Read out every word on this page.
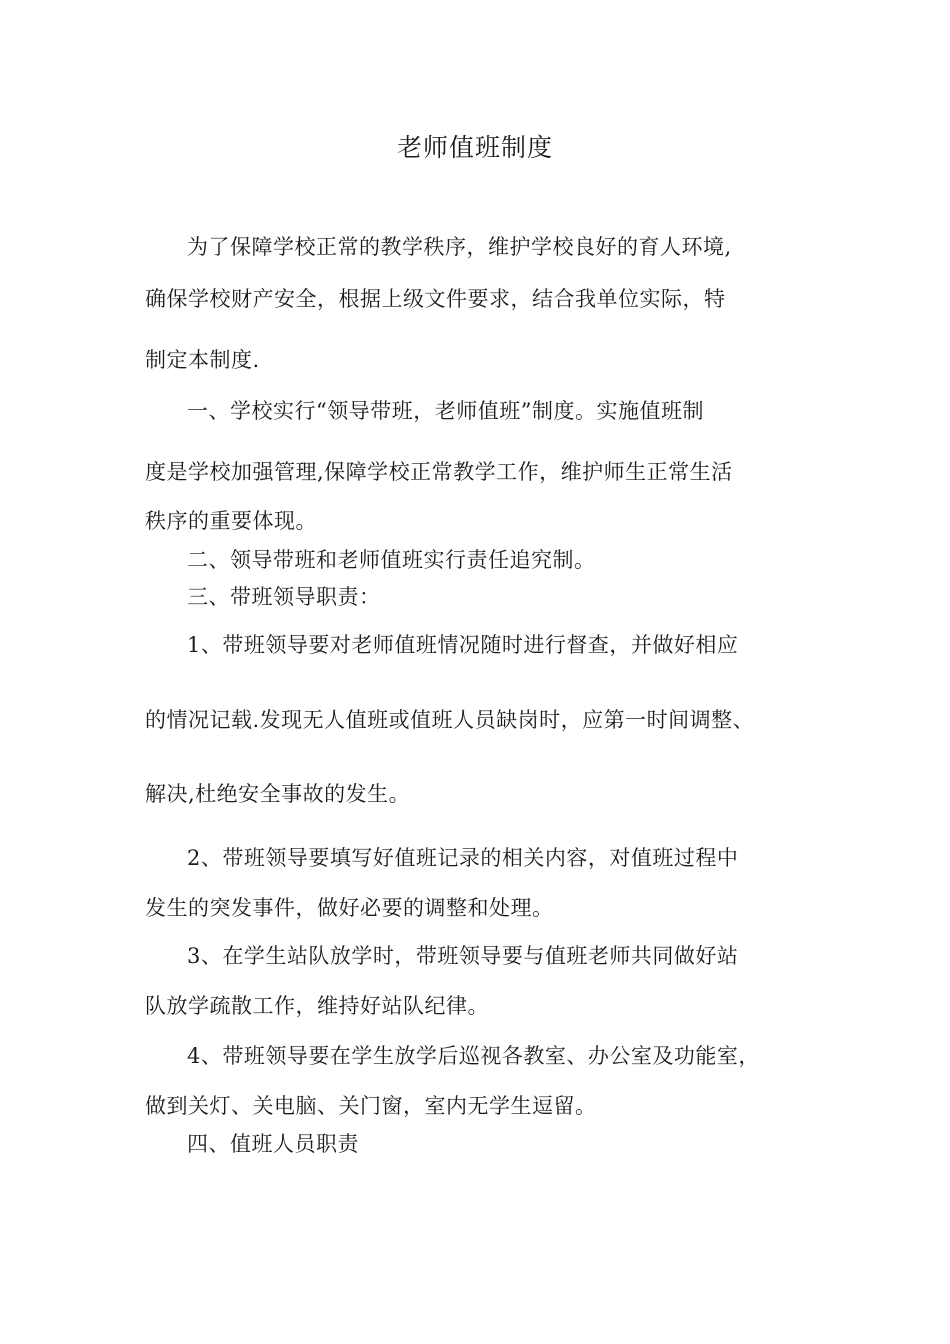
老师值班制度
为了保障学校正常的教学秩序，维护学校良好的育人环境,
确保学校财产安全，根据上级文件要求，结合我单位实际，特
制定本制度.
一、学校实行“领导带班，老师值班”制度。实施值班制
度是学校加强管理,保障学校正常教学工作，维护师生正常生活
秩序的重要体现。
二、领导带班和老师值班实行责任追究制。
三、带班领导职责：
1、带班领导要对老师值班情况随时进行督查，并做好相应
的情况记载.发现无人值班或值班人员缺岗时，应第一时间调整、
解决,杜绝安全事故的发生。
2、带班领导要填写好值班记录的相关内容，对值班过程中
发生的突发事件，做好必要的调整和处理。
3、在学生站队放学时，带班领导要与值班老师共同做好站
队放学疏散工作，维持好站队纪律。
4、带班领导要在学生放学后巡视各教室、办公室及功能室，
做到关灯、关电脑、关门窗，室内无学生逗留。
四、值班人员职责
